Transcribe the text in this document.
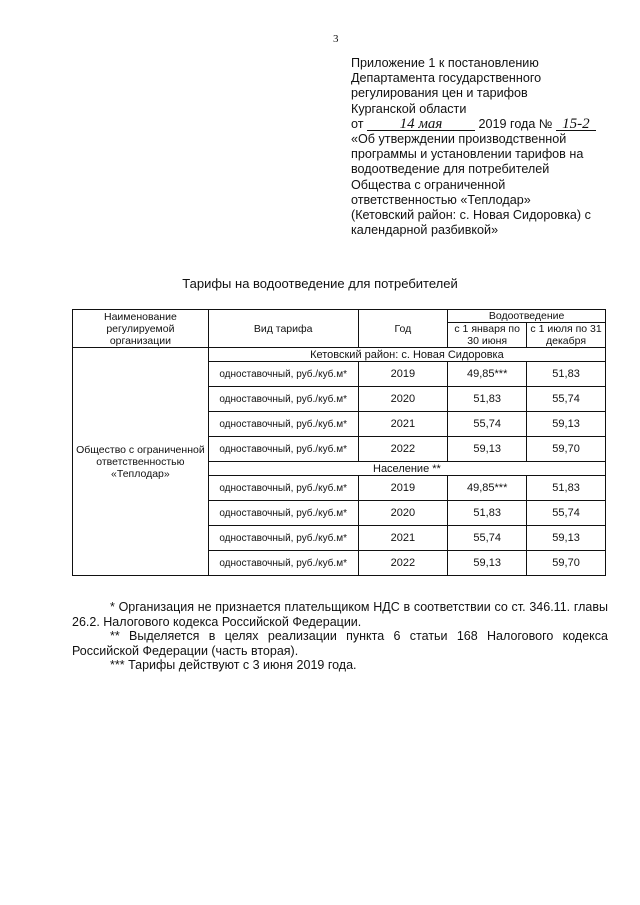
3
Приложение 1 к постановлению
Департамента государственного
регулирования цен и тарифов
Курганской области
от 14 мая	2019 года № 15-2
«Об утверждении производственной
программы и установлении тарифов на
водоотведение для потребителей
Общества с ограниченной
ответственностью «Теплодар»
(Кетовский район: с. Новая Сидоровка) с
календарной разбивкой»
Тарифы на водоотведение для потребителей
Наименование регулируемой организации	Вид тарифа	Год	Водоотведение	
			с 1 января по 30 июня	с 1 июля по 31 декабря
Общество с ограниченной ответственностью «Теплодар»	Кетовский район: с. Новая Сидоровка			
	одноставочный, руб./куб.м*	2019	49,85***	51,83
	одноставочный, руб./куб.м*	2020	51,83	55,74
	одноставочный, руб./куб.м*	2021	55,74	59,13
	одноставочный, руб./куб.м*	2022	59,13	59,70
	Население **			
	одноставочный, руб./куб.м*	2019	49,85***	51,83
	одноставочный, руб./куб.м*	2020	51,83	55,74
	одноставочный, руб./куб.м*	2021	55,74	59,13
	одноставочный, руб./куб.м*	2022	59,13	59,70
* Организация не признается плательщиком НДС в соответствии со ст. 346.11. главы 26.2. Налогового кодекса Российской Федерации.
** Выделяется в целях реализации пункта 6 статьи 168 Налогового кодекса Российской Федерации (часть вторая).
*** Тарифы действуют с 3 июня 2019 года.
